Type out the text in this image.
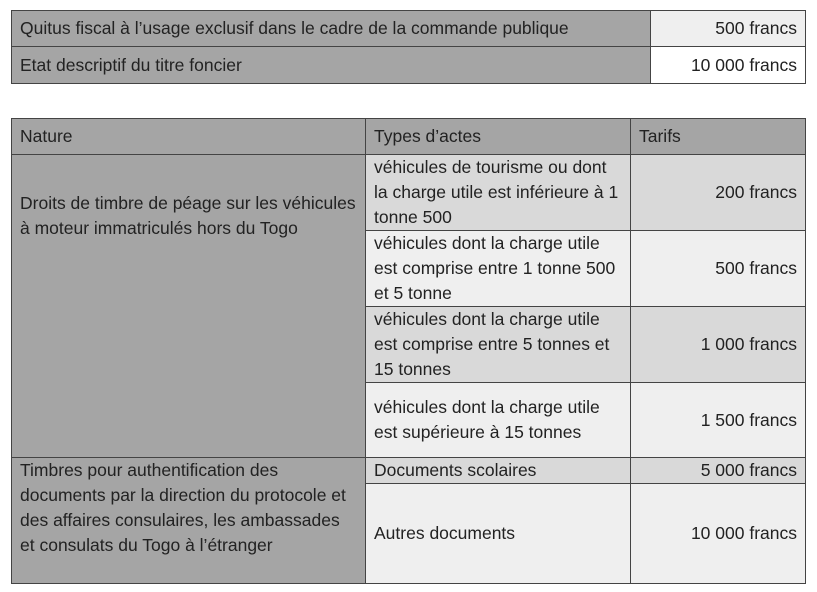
Quitus fiscal à l’usage exclusif dans le cadre de la commande publique	500 francs
Etat descriptif du titre foncier	10 000 francs
Nature	Types d’actes	Tarifs
Droits de timbre de péage sur les véhicules à moteur immatriculés hors du Togo	véhicules de tourisme ou dont la charge utile est inférieure à 1 tonne 500	200 francs
	véhicules dont la charge utile est comprise entre 1 tonne 500 et 5 tonne	500 francs
	véhicules dont la charge utile est comprise entre 5 tonnes et 15 tonnes	1 000 francs
	véhicules dont la charge utile est supérieure à 15 tonnes	1 500 francs
Timbres pour authentification des documents par la direction du protocole et des affaires consulaires, les ambassades et consulats du Togo à l’étranger	Documents scolaires	5 000 francs
	Autres documents	10 000 francs
